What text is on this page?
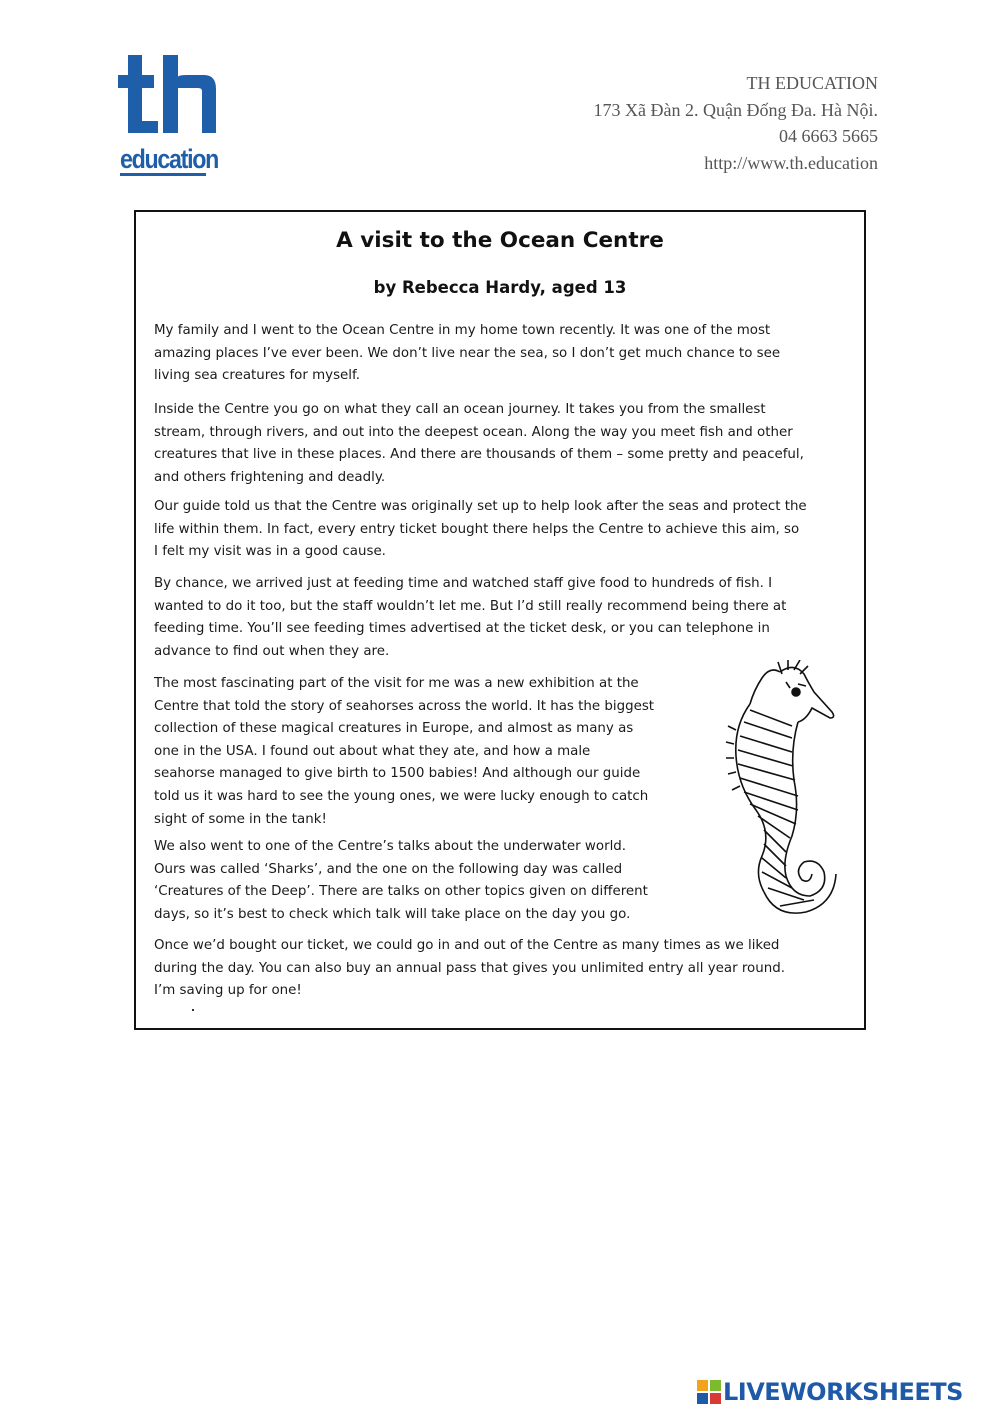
education
TH EDUCATION
173 Xã Đàn 2. Quận Đống Đa. Hà Nội.
04 6663 5665
http://www.th.education
A visit to the Ocean Centre
by Rebecca Hardy, aged 13
My family and I went to the Ocean Centre in my home town recently. It was one of the most
amazing places I’ve ever been. We don’t live near the sea, so I don’t get much chance to see
living sea creatures for myself.
Inside the Centre you go on what they call an ocean journey. It takes you from the smallest
stream, through rivers, and out into the deepest ocean. Along the way you meet fish and other
creatures that live in these places. And there are thousands of them – some pretty and peaceful,
and others frightening and deadly.
Our guide told us that the Centre was originally set up to help look after the seas and protect the
life within them. In fact, every entry ticket bought there helps the Centre to achieve this aim, so
I felt my visit was in a good cause.
By chance, we arrived just at feeding time and watched staff give food to hundreds of fish. I
wanted to do it too, but the staff wouldn’t let me. But I’d still really recommend being there at
feeding time. You’ll see feeding times advertised at the ticket desk, or you can telephone in
advance to find out when they are.
The most fascinating part of the visit for me was a new exhibition at the
Centre that told the story of seahorses across the world. It has the biggest
collection of these magical creatures in Europe, and almost as many as
one in the USA. I found out about what they ate, and how a male
seahorse managed to give birth to 1500 babies! And although our guide
told us it was hard to see the young ones, we were lucky enough to catch
sight of some in the tank!
We also went to one of the Centre’s talks about the underwater world.
Ours was called ‘Sharks’, and the one on the following day was called
‘Creatures of the Deep’. There are talks on other topics given on different
days, so it’s best to check which talk will take place on the day you go.
Once we’d bought our ticket, we could go in and out of the Centre as many times as we liked
during the day. You can also buy an annual pass that gives you unlimited entry all year round.
I’m saving up for one!
LIVEWORKSHEETS
